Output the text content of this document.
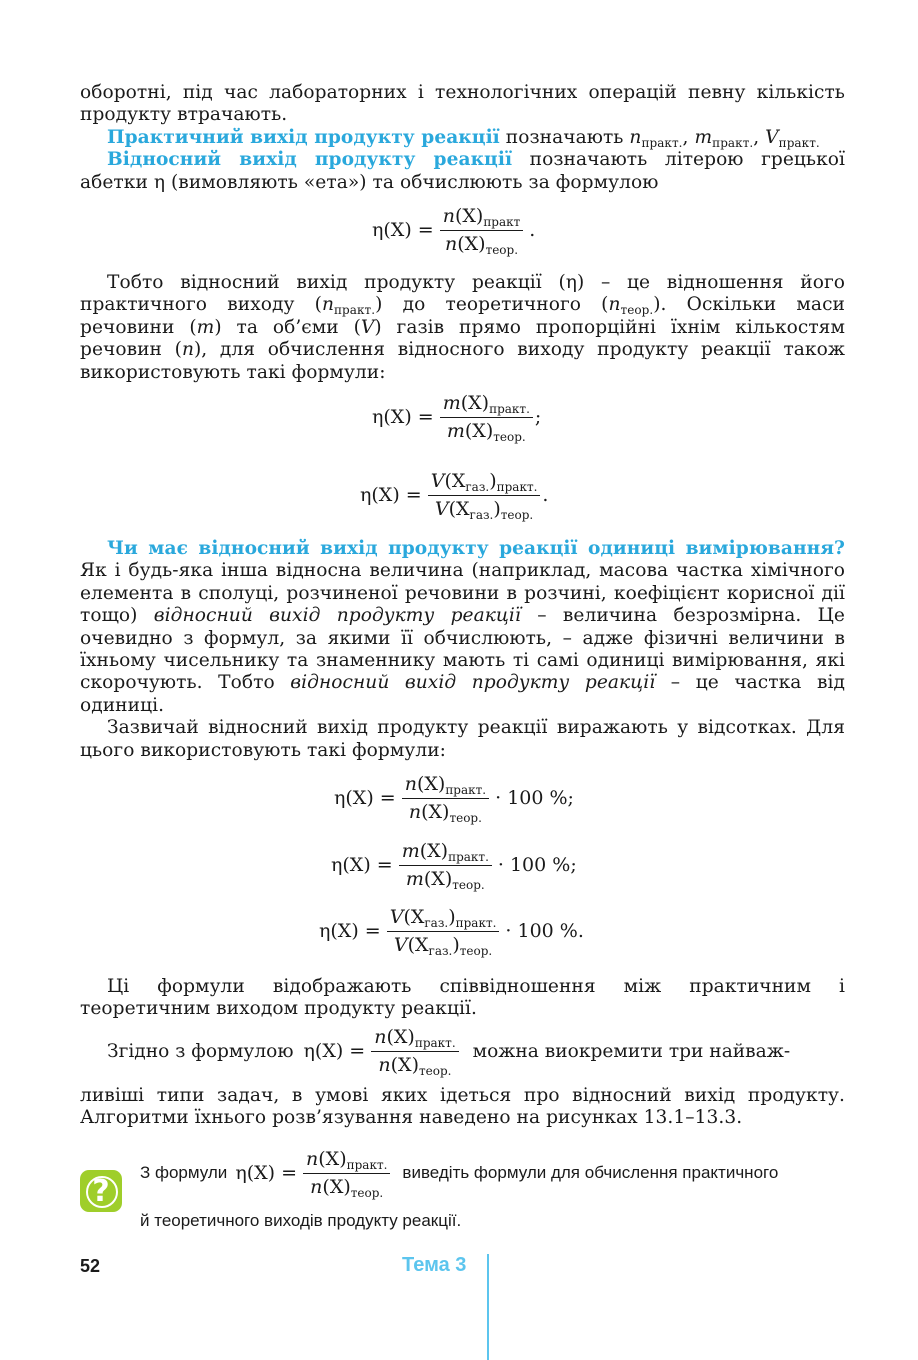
оборотні, під час лабораторних і технологічних операцій певну кількість продукту втрачають.

Практичний вихід продукту реакції позначають $n_{практ.}$, $m_{практ.}$, $V_{практ.}$

Відносний вихід продукту реакції позначають літерою грецької абетки η (вимовляють «ета») та обчислюють за формулою

$\eta(X) = \frac{n(X)_{практ}}{n(X)_{теор.}}$ .

Тобто відносний вихід продукту реакції (η) – це відношення його практичного виходу $(n_{практ.})$ до теоретичного $(n_{теор.})$. Оскільки маси речовини (m) та об’єми (V) газів прямо пропорційні їхнім кількостям речовин (n), для обчислення відносного виходу продукту реакції також використовують такі формули:

$\eta(X) = \frac{m(X)_{практ.}}{m(X)_{теор.}}$ ;
$\eta(X) = \frac{V(X_{газ.})_{практ.}}{V(X_{газ.})_{теор.}}$ .

Чи має відносний вихід продукту реакції одиниці вимірювання? Як і будь-яка інша відносна величина (наприклад, масова частка хімічного елемента в сполуці, розчиненої речовини в розчині, коефіцієнт корисної дії тощо) відносний вихід продукту реакції – величина безрозмірна. Це очевидно з формул, за якими її обчислюють, – адже фізичні величини в їхньому чисельнику та знаменнику мають ті самі одиниці вимірювання, які скорочують. Тобто відносний вихід продукту реакції – це частка від одиниці.

Зазвичай відносний вихід продукту реакції виражають у відсотках. Для цього використовують такі формули:

$\eta(X) = \frac{n(X)_{практ.}}{n(X)_{теор.}} \cdot 100$ %;
$\eta(X) = \frac{m(X)_{практ.}}{m(X)_{теор.}} \cdot 100$ %;
$\eta(X) = \frac{V(X_{газ.})_{практ.}}{V(X_{газ.})_{теор.}} \cdot 100$ %.

Ці формули відображають співвідношення між практичним і теоретичним виходом продукту реакції.

Згідно з формулою $\eta(X) = \frac{n(X)_{практ.}}{n(X)_{теор.}}$ можна виокремити три найваж-

ливіші типи задач, в умові яких ідеться про відносний вихід продукту. Алгоритми їхнього розв’язування наведено на рисунках 13.1–13.3.

?
З формули $\eta(X) = \frac{n(X)_{практ.}}{n(X)_{теор.}}$ виведіть формули для обчислення практичного
й теоретичного виходів продукту реакції.
52	Тема 3
